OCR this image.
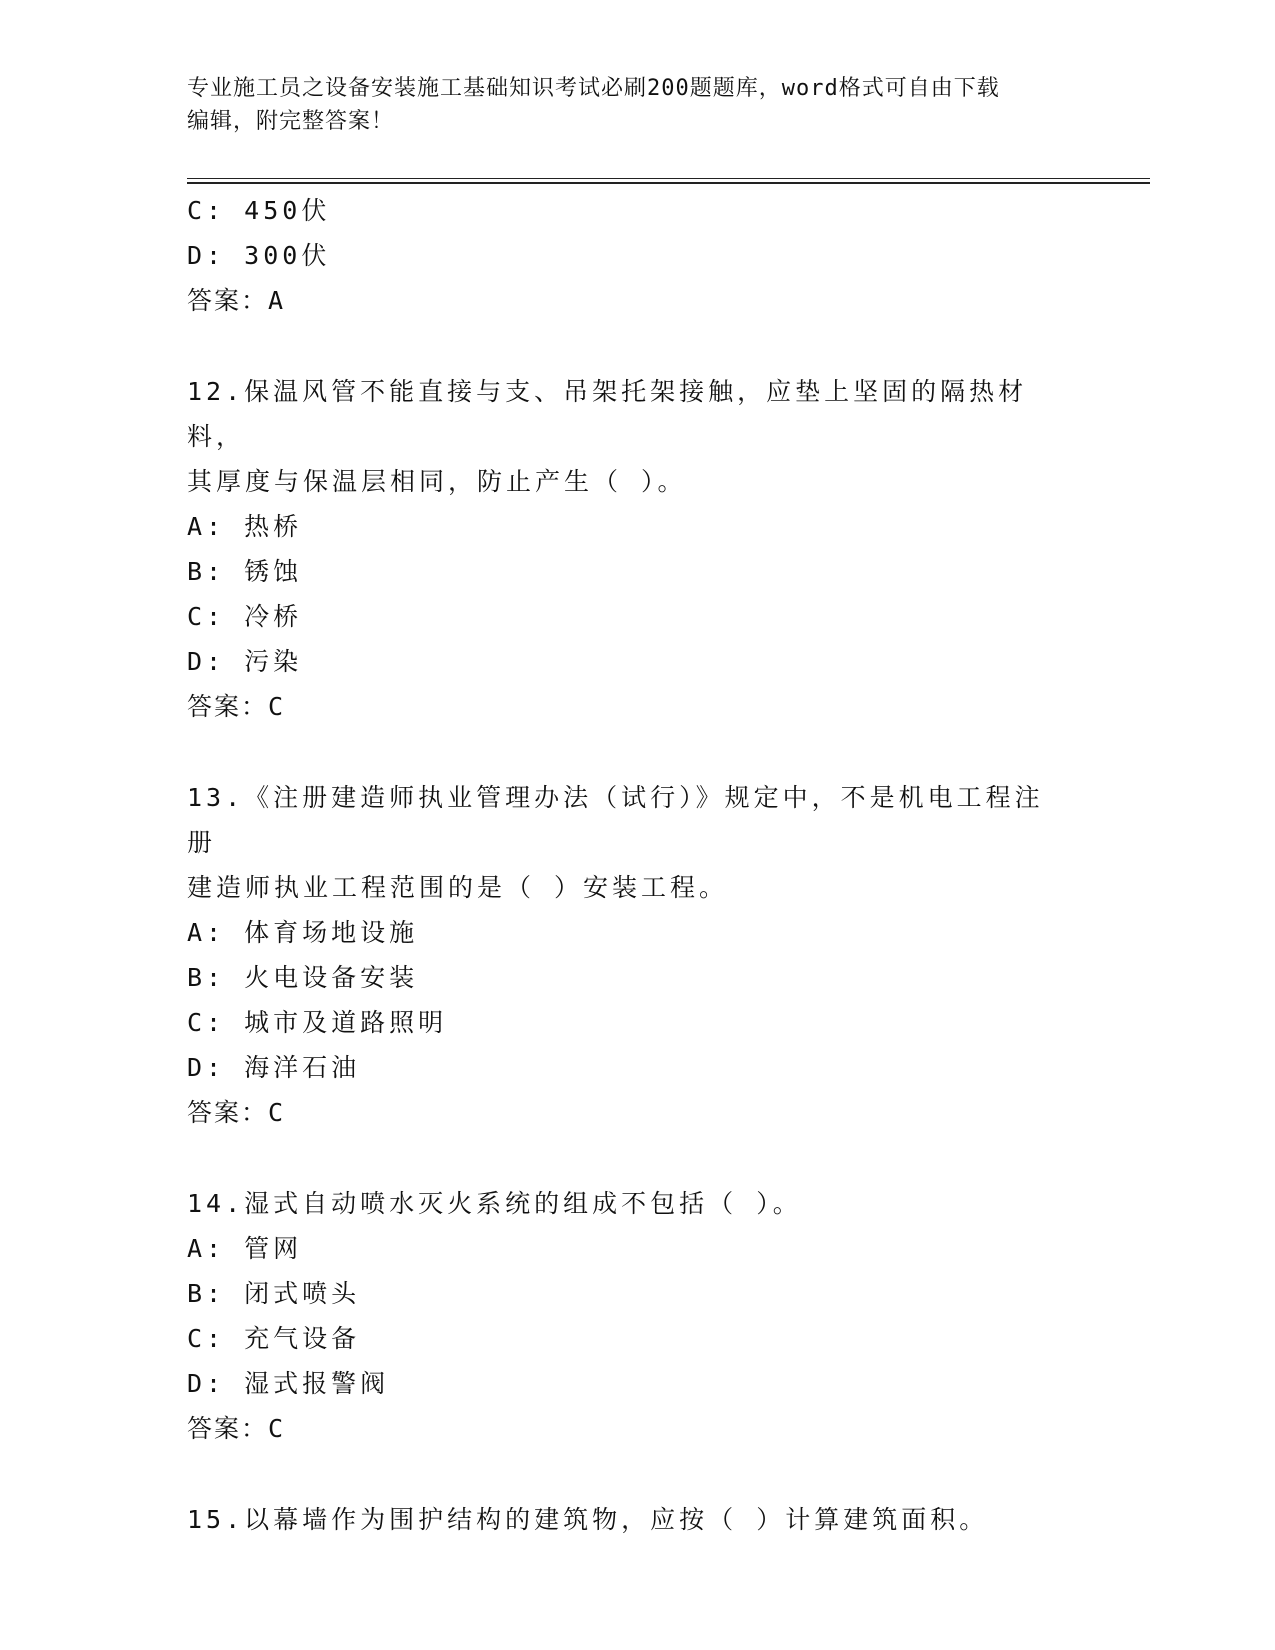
专业施工员之设备安装施工基础知识考试必刷200题题库，word格式可自由下载
编辑，附完整答案！
C: 450伏
D: 300伏
答案：A
12.保温风管不能直接与支、吊架托架接触，应垫上坚固的隔热材料，
其厚度与保温层相同，防止产生（ ）。
A: 热桥
B: 锈蚀
C: 冷桥
D: 污染
答案：C
13.《注册建造师执业管理办法（试行）》规定中，不是机电工程注册
建造师执业工程范围的是（ ）安装工程。
A: 体育场地设施
B: 火电设备安装
C: 城市及道路照明
D: 海洋石油
答案：C
14.湿式自动喷水灭火系统的组成不包括（ ）。
A: 管网
B: 闭式喷头
C: 充气设备
D: 湿式报警阀
答案：C
15.以幕墙作为围护结构的建筑物，应按（ ）计算建筑面积。
